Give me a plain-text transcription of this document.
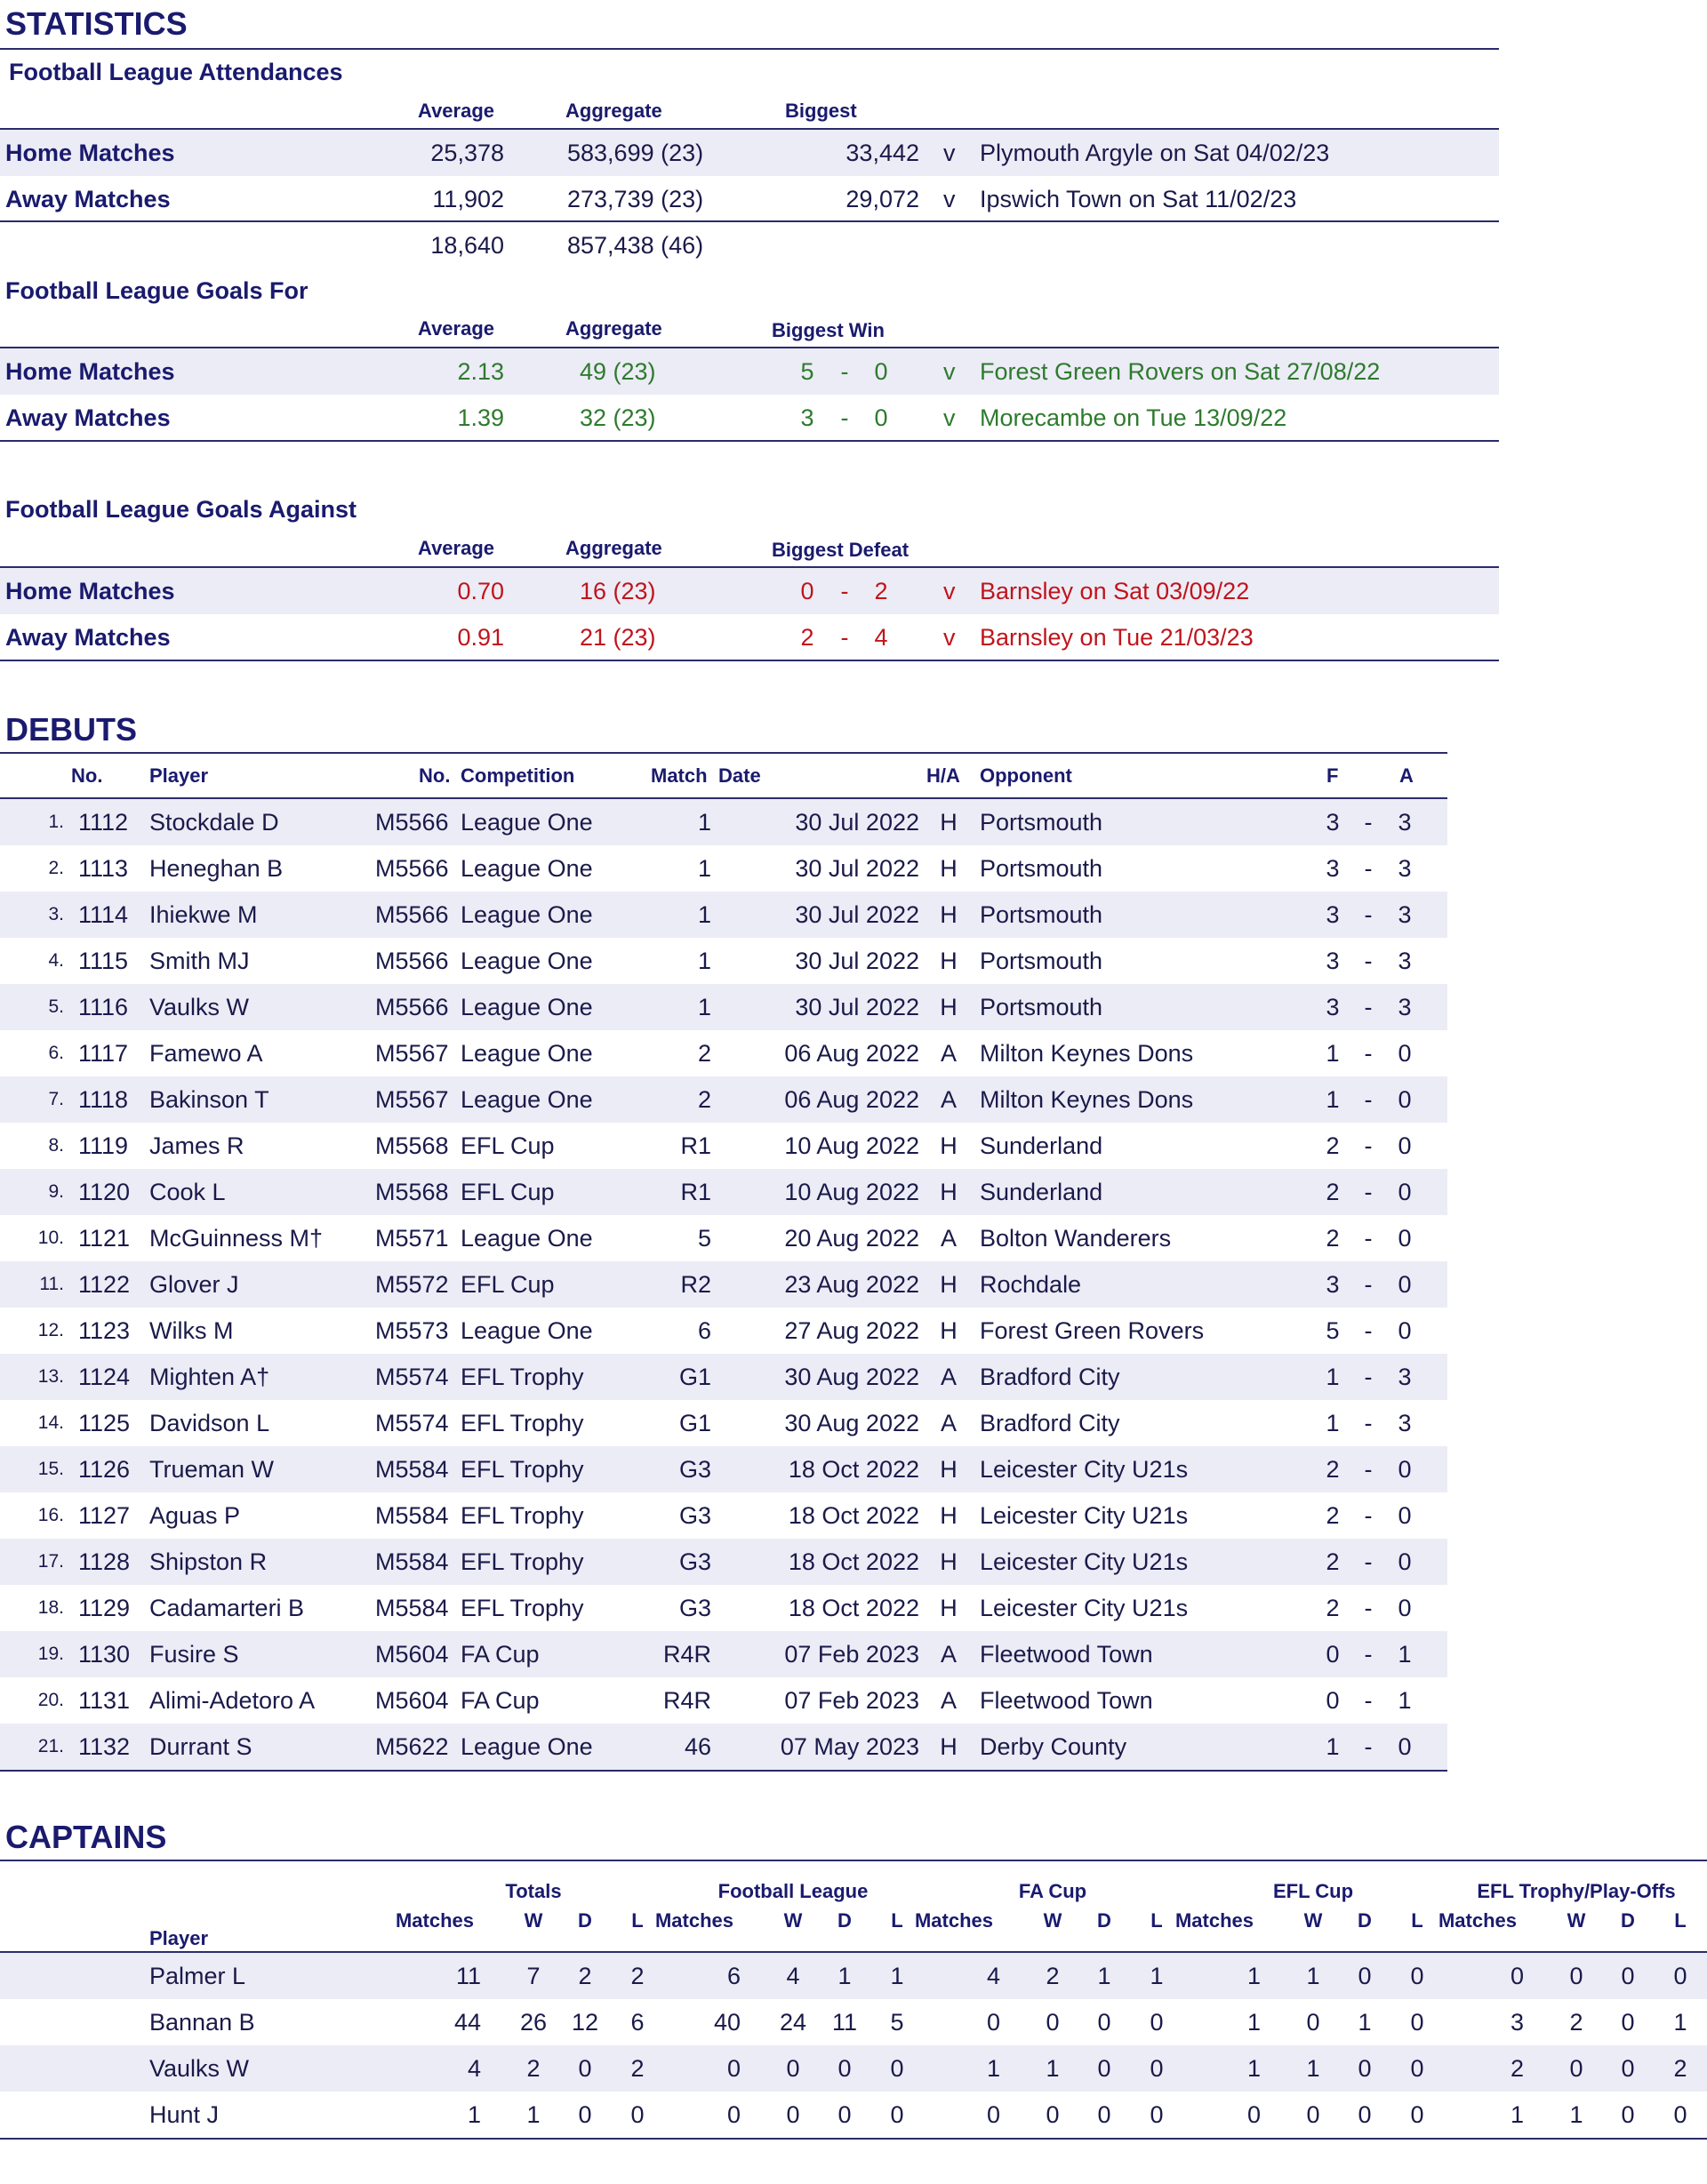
STATISTICS
Football League Attendances
Average	Aggregate	Biggest
Home Matches	25,378	583,699 (23)	33,442 v Plymouth Argyle on Sat 04/02/23
Away Matches	11,902	273,739 (23)	29,072 v Ipswich Town on Sat 11/02/23
18,640	857,438 (46)
Football League Goals For
Average	Aggregate	Biggest Win
Home Matches	2.13	49 (23)	5	-	0 v Forest Green Rovers on Sat 27/08/22
Away Matches	1.39	32 (23)	3	-	0 v Morecambe on Tue 13/09/22
Football League Goals Against
Average	Aggregate	Biggest Defeat
Home Matches	0.70	16 (23)	0	-	2 v Barnsley on Sat 03/09/22
Away Matches	0.91	21 (23)	2	-	4 v Barnsley on Tue 21/03/23
DEBUTS
No. Player	No. Competition	Match Date	H/A Opponent	F	A
1. 1112 Stockdale D	M5566 League One	1	30 Jul 2022 H Portsmouth	3	-	3
2. 1113 Heneghan B	M5566 League One	1	30 Jul 2022 H Portsmouth	3	-	3
3. 1114 Ihiekwe M	M5566 League One	1	30 Jul 2022 H Portsmouth	3	-	3
4. 1115 Smith MJ	M5566 League One	1	30 Jul 2022 H Portsmouth	3	-	3
5. 1116 Vaulks W	M5566 League One	1	30 Jul 2022 H Portsmouth	3	-	3
6. 1117 Famewo A	M5567 League One	2	06 Aug 2022 A Milton Keynes Dons	1	-	0
7. 1118 Bakinson T	M5567 League One	2	06 Aug 2022 A Milton Keynes Dons	1	-	0
8. 1119 James R	M5568 EFL Cup	R1	10 Aug 2022 H Sunderland	2	-	0
9. 1120 Cook L	M5568 EFL Cup	R1	10 Aug 2022 H Sunderland	2	-	0
10. 1121 McGuinness M† M5571 League One	5	20 Aug 2022 A Bolton Wanderers	2	-	0
11. 1122 Glover J	M5572 EFL Cup	R2	23 Aug 2022 H Rochdale	3	-	0
12. 1123 Wilks M	M5573 League One	6	27 Aug 2022 H Forest Green Rovers	5	-	0
13. 1124 Mighten A†	M5574 EFL Trophy	G1	30 Aug 2022 A Bradford City	1	-	3
14. 1125 Davidson L	M5574 EFL Trophy	G1	30 Aug 2022 A Bradford City	1	-	3
15. 1126 Trueman W	M5584 EFL Trophy	G3	18 Oct 2022 H Leicester City U21s	2	-	0
16. 1127 Aguas P	M5584 EFL Trophy	G3	18 Oct 2022 H Leicester City U21s	2	-	0
17. 1128 Shipston R	M5584 EFL Trophy	G3	18 Oct 2022 H Leicester City U21s	2	-	0
18. 1129 Cadamarteri B	M5584 EFL Trophy	G3	18 Oct 2022 H Leicester City U21s	2	-	0
19. 1130 Fusire S	M5604 FA Cup	R4R	07 Feb 2023 A Fleetwood Town	0	-	1
20. 1131 Alimi-Adetoro A	M5604 FA Cup	R4R	07 Feb 2023 A Fleetwood Town	0	-	1
21. 1132 Durrant S	M5622 League One	46	07 May 2023 H Derby County	1	-	0
CAPTAINS
Totals	Football League	FA Cup	EFL Cup	EFL Trophy/Play-Offs
Player
Matches	W	D	L Matches	W	D	L Matches	W	D	L Matches	W	D	L Matches	W	D	L
Palmer L	11	7	2	2	6	4	1	1	4	2	1	1	1	1	0	0	0	0	0	0
Bannan B	44	26	12	6	40	24	11	5	0	0	0	0	1	0	1	0	3	2	0	1
Vaulks W	4	2	0	2	0	0	0	0	1	1	0	0	1	1	0	0	2	0	0	2
Hunt J	1	1	0	0	0	0	0	0	0	0	0	0	0	0	0	0	1	1	0	0
